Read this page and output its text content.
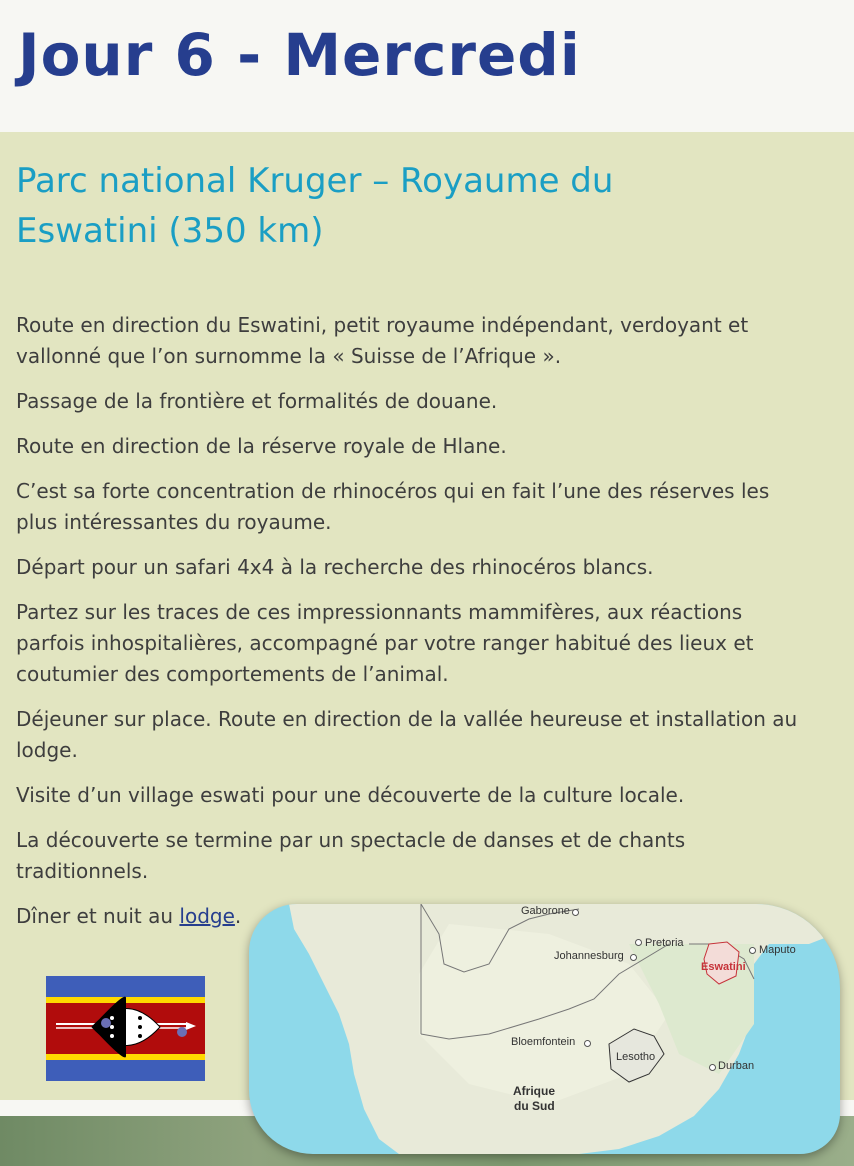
Jour 6 - Mercredi
Parc national Kruger – Royaume du Eswatini (350 km)

Route en direction du Eswatini, petit royaume indépendant, verdoyant et vallonné que l’on surnomme la « Suisse de l’Afrique ».

Passage de la frontière et formalités de douane.

Route en direction de la réserve royale de Hlane.

C’est sa forte concentration de rhinocéros qui en fait l’une des réserves les plus intéressantes du royaume.

Départ pour un safari 4x4 à la recherche des rhinocéros blancs.

Partez sur les traces de ces impressionnants mammifères, aux réactions parfois inhospitalières, accompagné par votre ranger habitué des lieux et coutumier des comportements de l’animal.

Déjeuner sur place. Route en direction de la vallée heureuse et installation au lodge.

Visite d’un village eswati pour une découverte de la culture locale.

La découverte se termine par un spectacle de danses et de chants traditionnels.

Dîner et nuit au lodge.	Gaborone
Pretoria
Johannesburg	Maputo
Eswatini
Bloemfontein
Lesotho
Durban
Afrique
du Sud
